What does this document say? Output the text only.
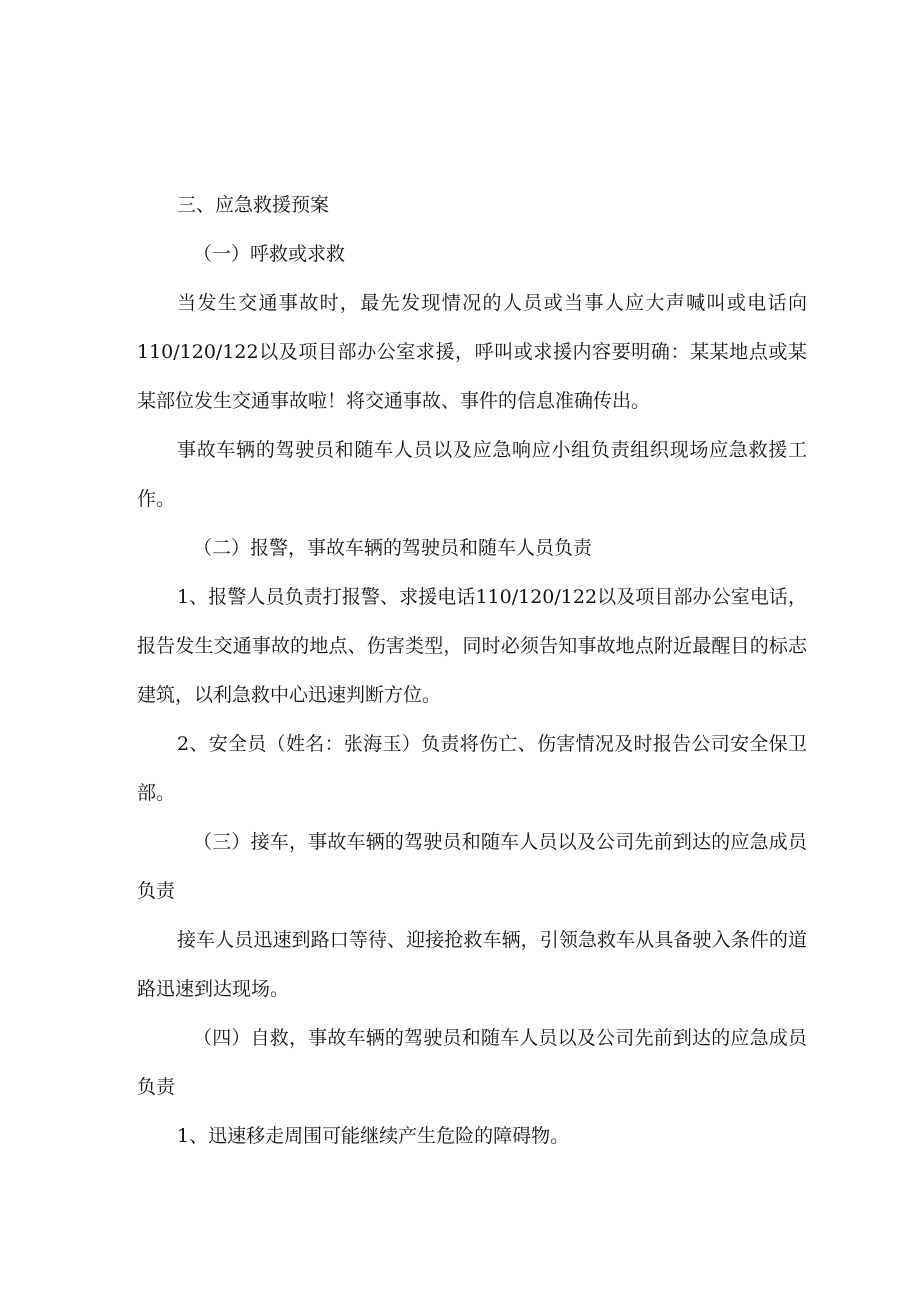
三、应急救援预案

（一）呼救或求救

当发生交通事故时，最先发现情况的人员或当事人应大声喊叫或电话向110/120/122以及项目部办公室求援，呼叫或求援内容要明确：某某地点或某某部位发生交通事故啦！将交通事故、事件的信息准确传出。

事故车辆的驾驶员和随车人员以及应急响应小组负责组织现场应急救援工作。

（二）报警，事故车辆的驾驶员和随车人员负责

1、报警人员负责打报警、求援电话110/120/122以及项目部办公室电话，报告发生交通事故的地点、伤害类型，同时必须告知事故地点附近最醒目的标志建筑，以利急救中心迅速判断方位。

2、安全员（姓名：张海玉）负责将伤亡、伤害情况及时报告公司安全保卫部。

（三）接车，事故车辆的驾驶员和随车人员以及公司先前到达的应急成员负责

接车人员迅速到路口等待、迎接抢救车辆，引领急救车从具备驶入条件的道路迅速到达现场。

（四）自救，事故车辆的驾驶员和随车人员以及公司先前到达的应急成员负责

1、迅速移走周围可能继续产生危险的障碍物。
